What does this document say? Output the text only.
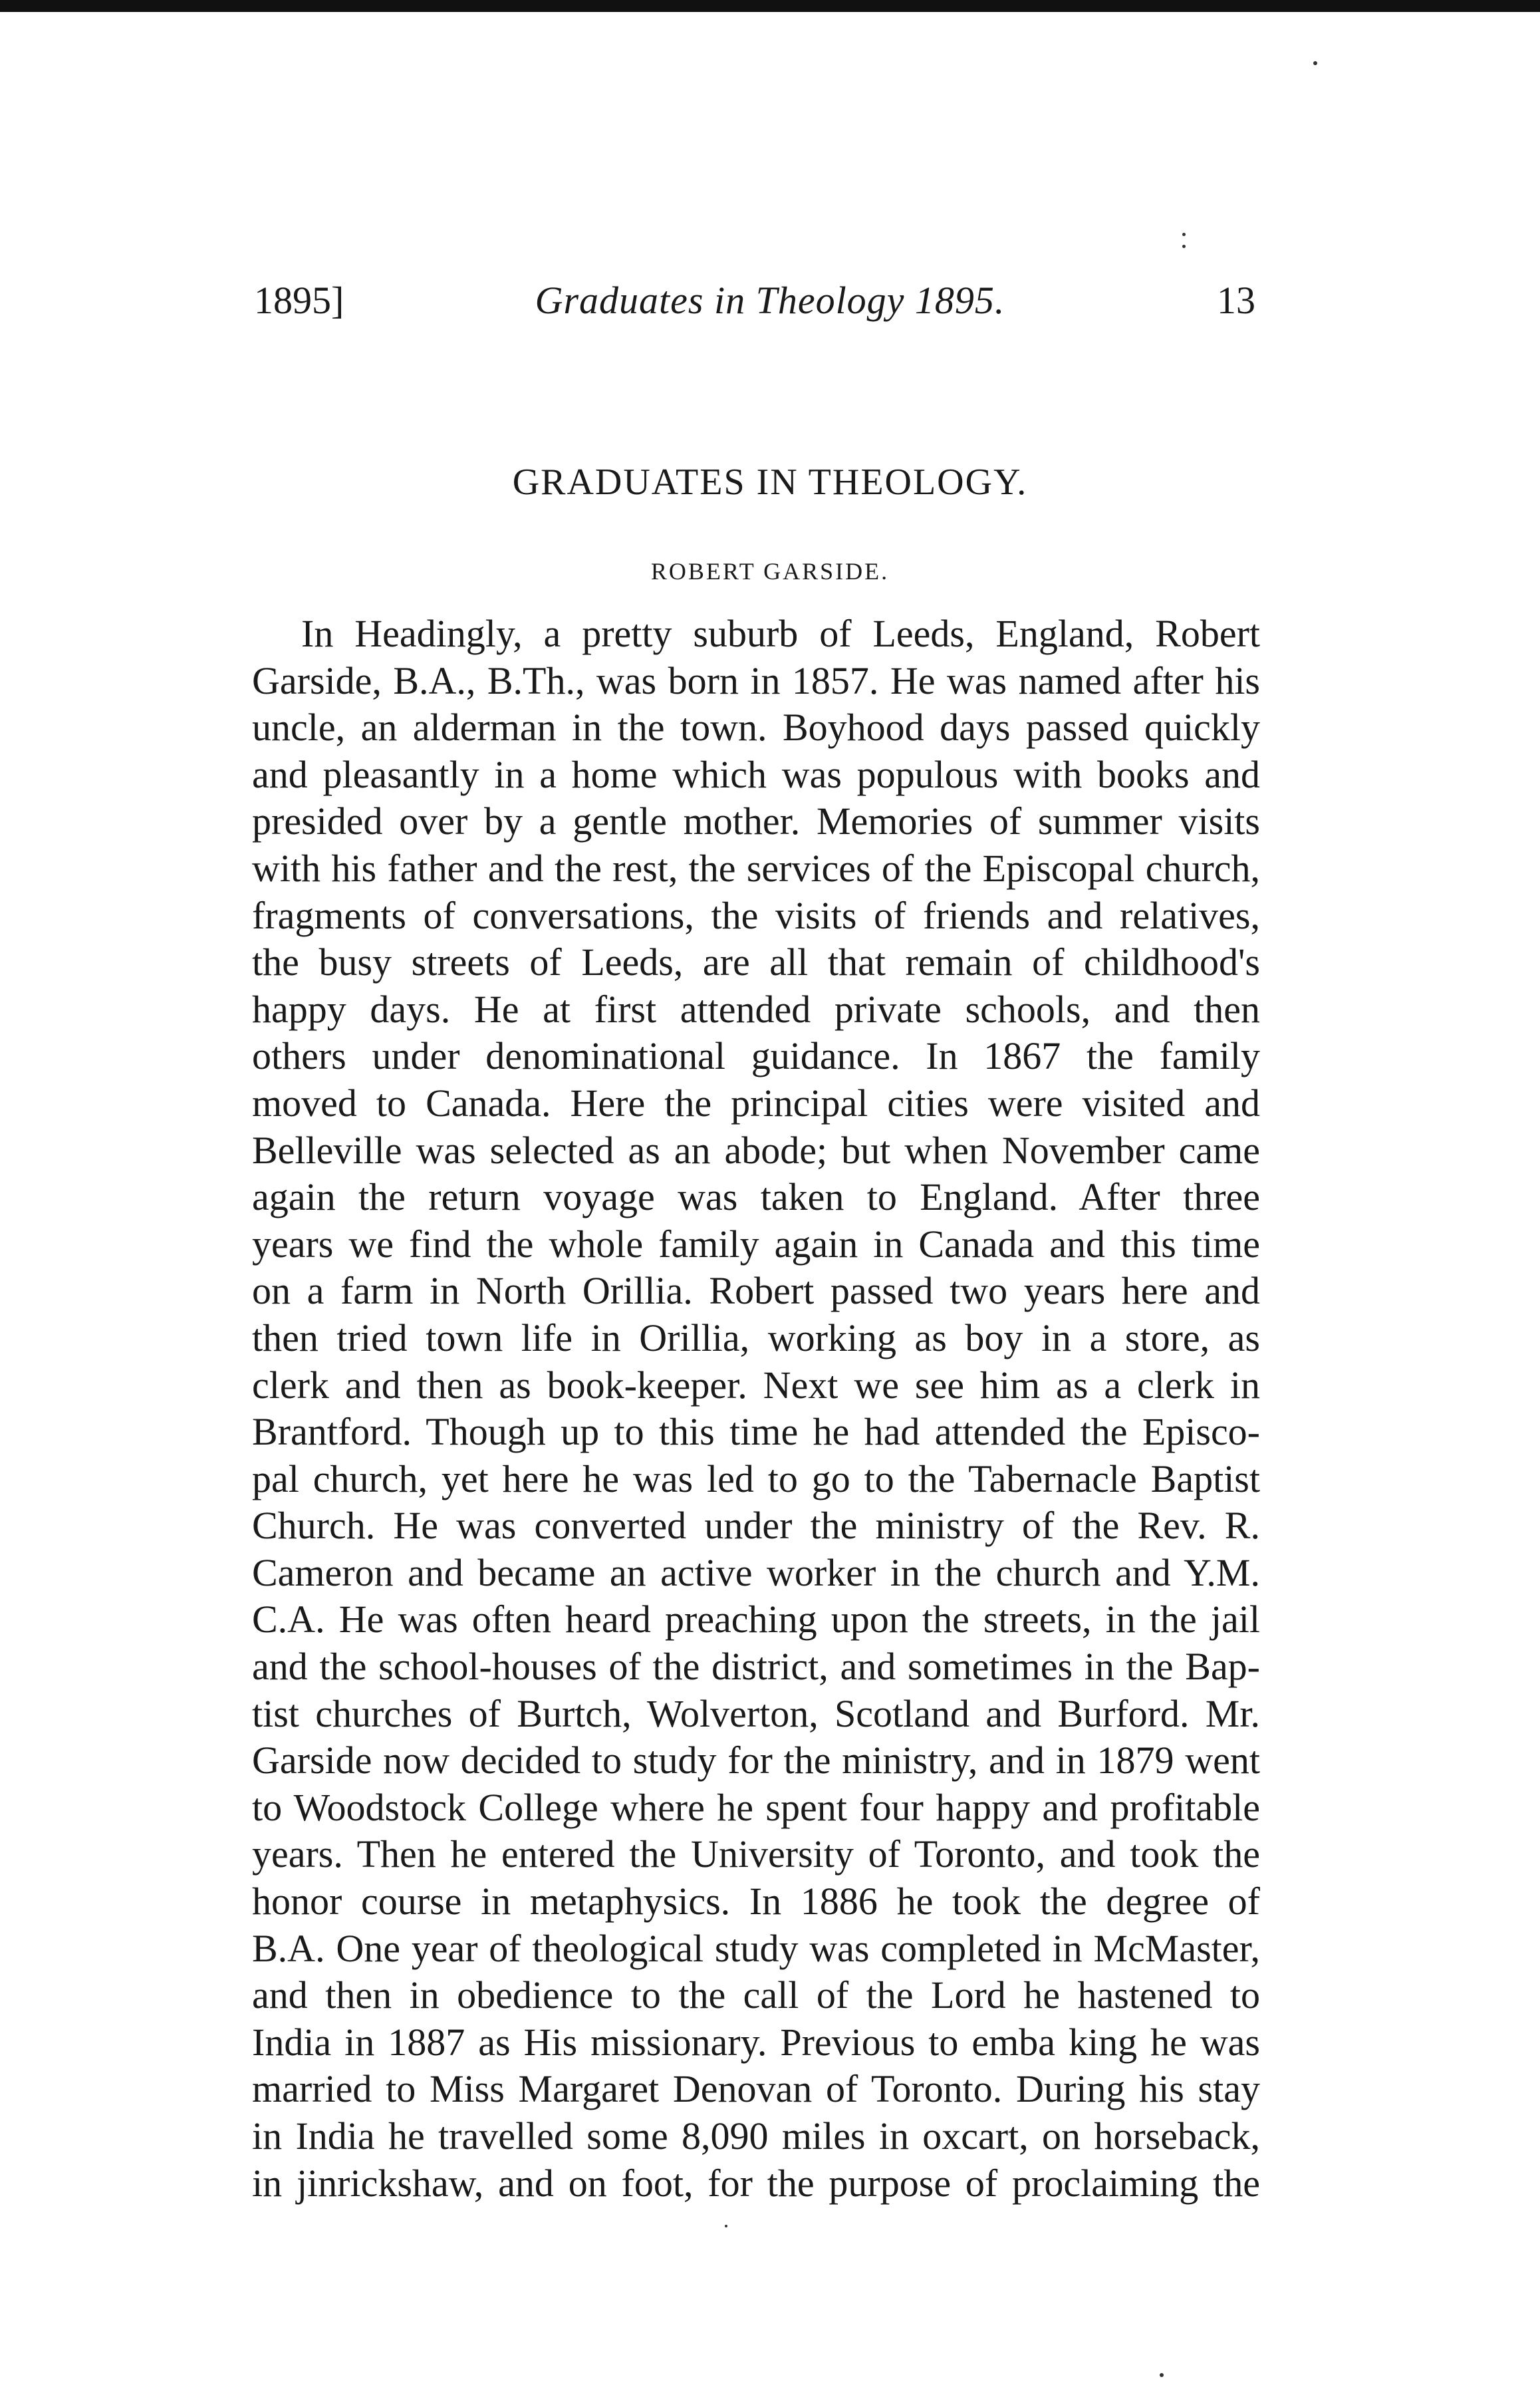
1895]	Graduates in Theology 1895.	13
GRADUATES IN THEOLOGY.
ROBERT GARSIDE.
In Headingly, a pretty suburb of Leeds, England, Robert
Garside, B.A., B.Th., was born in 1857. He was named after his
uncle, an alderman in the town. Boyhood days passed quickly
and pleasantly in a home which was populous with books and
presided over by a gentle mother. Memories of summer visits
with his father and the rest, the services of the Episcopal church,
fragments of conversations, the visits of friends and relatives,
the busy streets of Leeds, are all that remain of childhood's
happy days. He at first attended private schools, and then
others under denominational guidance. In 1867 the family
moved to Canada. Here the principal cities were visited and
Belleville was selected as an abode; but when November came
again the return voyage was taken to England. After three
years we find the whole family again in Canada and this time
on a farm in North Orillia. Robert passed two years here and
then tried town life in Orillia, working as boy in a store, as
clerk and then as book-keeper. Next we see him as a clerk in
Brantford. Though up to this time he had attended the Episco-
pal church, yet here he was led to go to the Tabernacle Baptist
Church. He was converted under the ministry of the Rev. R.
Cameron and became an active worker in the church and Y.M.
C.A. He was often heard preaching upon the streets, in the jail
and the school-houses of the district, and sometimes in the Bap-
tist churches of Burtch, Wolverton, Scotland and Burford. Mr.
Garside now decided to study for the ministry, and in 1879 went
to Woodstock College where he spent four happy and profitable
years. Then he entered the University of Toronto, and took the
honor course in metaphysics. In 1886 he took the degree of
B.A. One year of theological study was completed in McMaster,
and then in obedience to the call of the Lord he hastened to
India in 1887 as His missionary. Previous to emba king he was
married to Miss Margaret Denovan of Toronto. During his stay
in India he travelled some 8,090 miles in oxcart, on horseback,
in jinrickshaw, and on foot, for the purpose of proclaiming the
